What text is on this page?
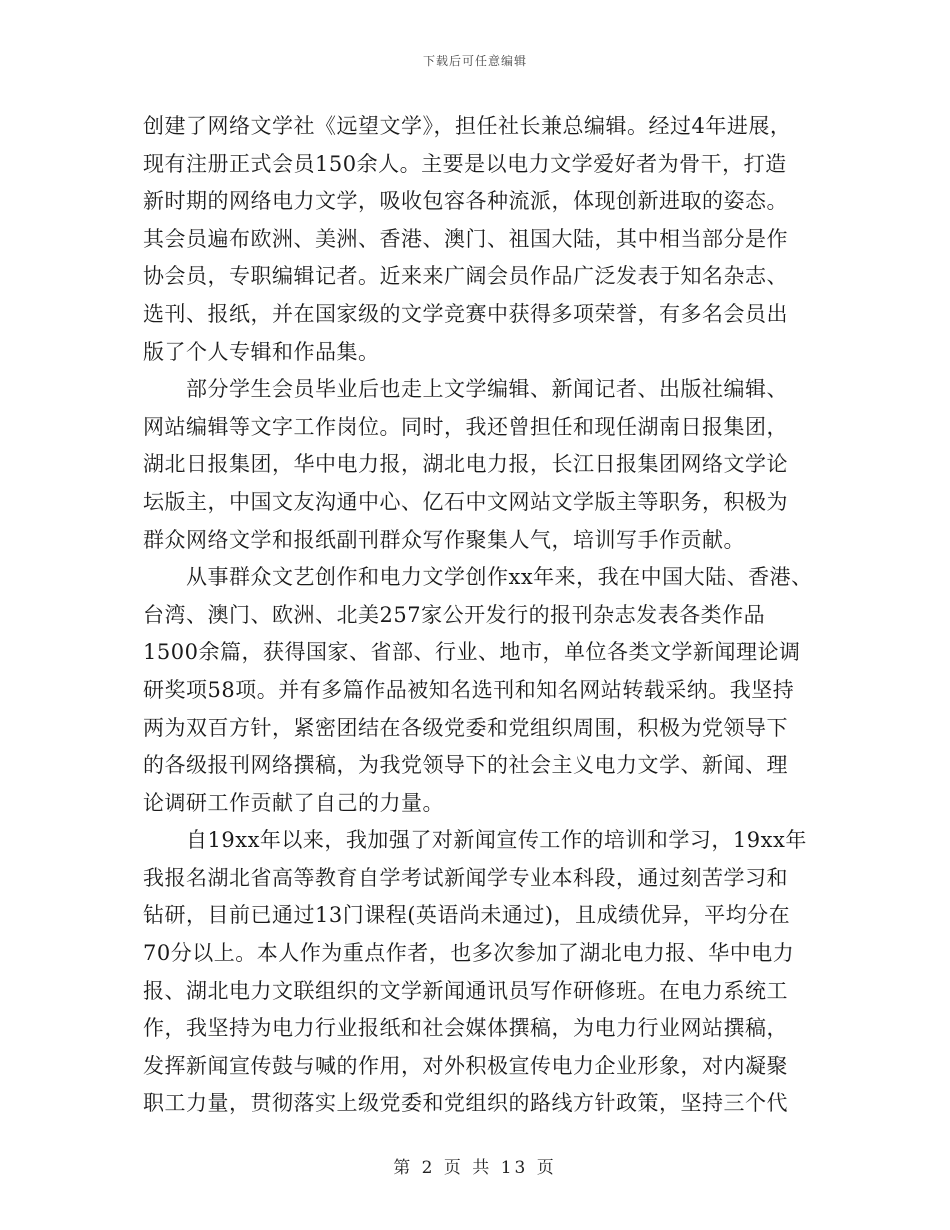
下载后可任意编辑
创建了网络文学社《远望文学》，担任社长兼总编辑。经过4年进展，
现有注册正式会员150余人。主要是以电力文学爱好者为骨干，打造
新时期的网络电力文学，吸收包容各种流派，体现创新进取的姿态。
其会员遍布欧洲、美洲、香港、澳门、祖国大陆，其中相当部分是作
协会员，专职编辑记者。近来来广阔会员作品广泛发表于知名杂志、
选刊、报纸，并在国家级的文学竞赛中获得多项荣誉，有多名会员出
版了个人专辑和作品集。
部分学生会员毕业后也走上文学编辑、新闻记者、出版社编辑、
网站编辑等文字工作岗位。同时，我还曾担任和现任湖南日报集团，
湖北日报集团，华中电力报，湖北电力报，长江日报集团网络文学论
坛版主，中国文友沟通中心、亿石中文网站文学版主等职务，积极为
群众网络文学和报纸副刊群众写作聚集人气，培训写手作贡献。
从事群众文艺创作和电力文学创作xx年来，我在中国大陆、香港、
台湾、澳门、欧洲、北美257家公开发行的报刊杂志发表各类作品
1500余篇，获得国家、省部、行业、地市，单位各类文学新闻理论调
研奖项58项。并有多篇作品被知名选刊和知名网站转载采纳。我坚持
两为双百方针，紧密团结在各级党委和党组织周围，积极为党领导下
的各级报刊网络撰稿，为我党领导下的社会主义电力文学、新闻、理
论调研工作贡献了自己的力量。
自19xx年以来，我加强了对新闻宣传工作的培训和学习，19xx年
我报名湖北省高等教育自学考试新闻学专业本科段，通过刻苦学习和
钻研，目前已通过13门课程(英语尚未通过)，且成绩优异，平均分在
70分以上。本人作为重点作者，也多次参加了湖北电力报、华中电力
报、湖北电力文联组织的文学新闻通讯员写作研修班。在电力系统工
作，我坚持为电力行业报纸和社会媒体撰稿，为电力行业网站撰稿，
发挥新闻宣传鼓与喊的作用，对外积极宣传电力企业形象，对内凝聚
职工力量，贯彻落实上级党委和党组织的路线方针政策，坚持三个代
第 2 页 共 13 页
